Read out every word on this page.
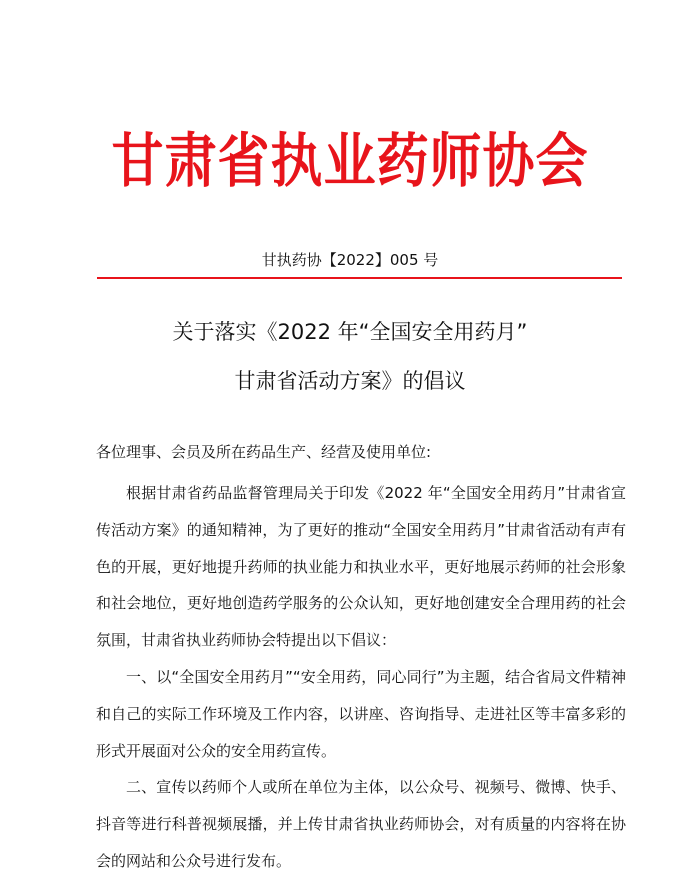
甘肃省执业药师协会
甘执药协【2022】005 号
关于落实《2022 年“全国安全用药月”
甘肃省活动方案》的倡议
各位理事、会员及所在药品生产、经营及使用单位:

根据甘肃省药品监督管理局关于印发《2022 年“全国安全用药月”甘肃省宣传活动方案》的通知精神，为了更好的推动“全国安全用药月”甘肃省活动有声有色的开展，更好地提升药师的执业能力和执业水平，更好地展示药师的社会形象和社会地位，更好地创造药学服务的公众认知，更好地创建安全合理用药的社会氛围，甘肃省执业药师协会特提出以下倡议：

一、以“全国安全用药月”“安全用药，同心同行”为主题，结合省局文件精神和自己的实际工作环境及工作内容，以讲座、咨询指导、走进社区等丰富多彩的形式开展面对公众的安全用药宣传。

二、宣传以药师个人或所在单位为主体，以公众号、视频号、微博、快手、抖音等进行科普视频展播，并上传甘肃省执业药师协会，对有质量的内容将在协会的网站和公众号进行发布。
